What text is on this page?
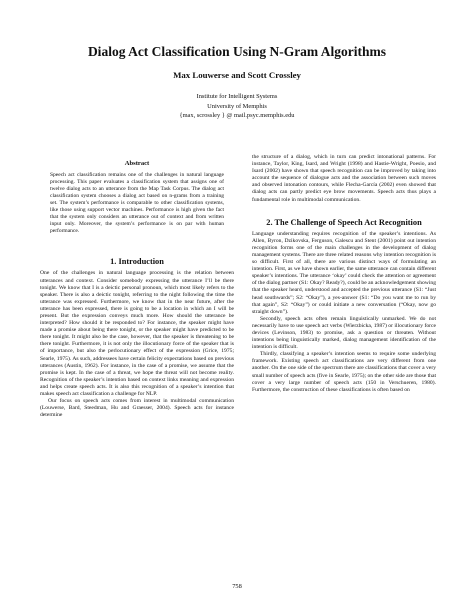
Dialog Act Classification Using N-Gram Algorithms
Max Louwerse and Scott Crossley
Institute for Intelligent Systems
University of Memphis
{max, scrossley } @ mail.psyc.memphis.edu
Abstract

Speech act classification remains one of the challenges in natural language processing. This paper evaluates a classification system that assigns one of twelve dialog acts to an utterance from the Map Task Corpus. The dialog act classification system chooses a dialog act based on n-grams from a training set. The system’s performance is comparable to other classification systems, like those using support vector machines. Performance is high given the fact that the system only considers an utterance out of context and from written input only. Moreover, the system’s performance is on par with human performance.

1. Introduction

One of the challenges in natural language processing is the relation between utterances and context. Consider somebody expressing the utterance I’ll be there tonight. We know that I is a deictic personal pronoun, which most likely refers to the speaker. There is also a deictic tonight, referring to the night following the time the utterance was expressed. Furthermore, we know that in the near future, after the utterance has been expressed, there is going to be a location in which an I will be present. But the expression conveys much more. How should the utterance be interpreted? How should it be responded to? For instance, the speaker might have made a promise about being there tonight, or the speaker might have predicted to be there tonight. It might also be the case, however, that the speaker is threatening to be there tonight. Furthermore, it is not only the illocutionary force of the speaker that is of importance, but also the perlocutionary effect of the expression (Grice, 1975; Searle, 1975). As such, addressees have certain felicity expectations based on previous utterances (Austin, 1962). For instance, in the case of a promise, we assume that the promise is kept. In the case of a threat, we hope the threat will not become reality. Recognition of the speaker’s intention based on context links meaning and expression and helps create speech acts. It is also this recognition of a speaker’s intention that makes speech act classification a challenge for NLP.

Our focus on speech acts comes from interest in multimodal communication (Louwerse, Bard, Steedman, Hu and Graesser, 2004). Speech acts for instance determine

the structure of a dialog, which in turn can predict intonational patterns. For instance, Taylor, King, Isard, and Wright (1998) and Hastie-Wright, Poesio, and Isard (2002) have shown that speech recognition can be improved by taking into account the sequence of dialogue acts and the association between such moves and observed intonation contours, while Flecha-García (2002) even showed that dialog acts can partly predict eye brow movements. Speech acts thus plays a fundamental role in multimodal communication.

2. The Challenge of Speech Act Recognition

Language understanding requires recognition of the speaker’s intentions. As Allen, Byron, Dzikovska, Ferguson, Galescu and Stent (2001) point out intention recognition forms one of the main challenges in the development of dialog management systems. There are three related reasons why intention recognition is so difficult. First of all, there are various distinct ways of formulating an intention. First, as we have shown earlier, the same utterance can contain different speaker’s intentions. The utterance ‘okay’ could check the attention or agreement of the dialog partner (S1: Okay? Ready?), could be an acknowledgement showing that the speaker heard, understood and accepted the previous utterance (S1: “Just head southwards”; S2: “Okay”), a yes-answer (S1: “Do you want me to run by that again”, S2: “Okay”) or could initiate a new conversation (“Okay, now go straight down”).

Secondly, speech acts often remain linguistically unmarked. We do not necessarily have to use speech act verbs (Wierzbicka, 1987) or illocutionary force devices (Levinson, 1983) to promise, ask a question or threaten. Without intentions being linguistically marked, dialog management identification of the intention is difficult.

Thirdly, classifying a speaker’s intention seems to require some underlying framework. Existing speech act classifications are very different from one another. On the one side of the spectrum there are classifications that cover a very small number of speech acts (five in Searle, 1975); on the other side are those that cover a very large number of speech acts (150 in Verschueren, 1980). Furthermore, the construction of these classifications is often based on

758
